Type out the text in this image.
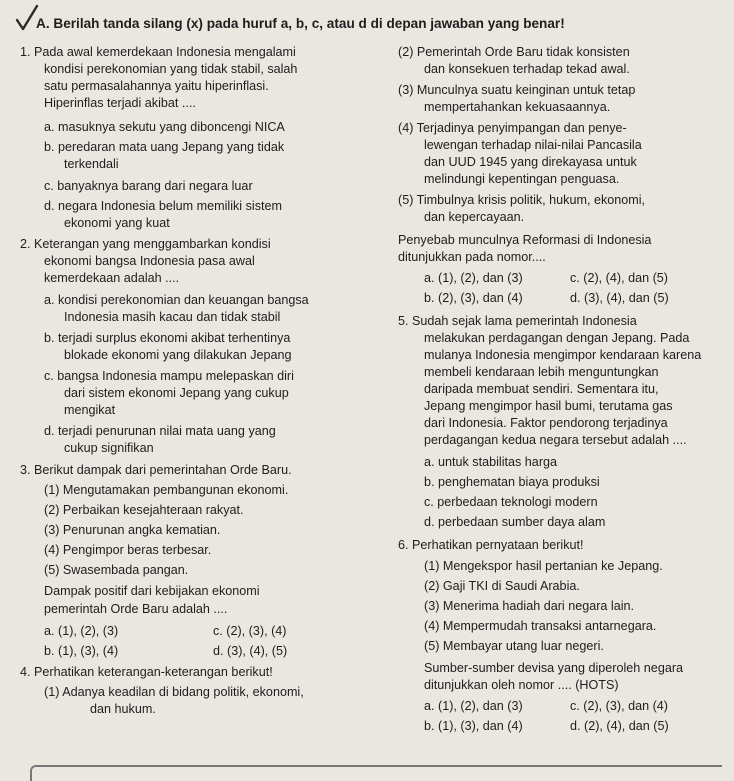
A. Berilah tanda silang (x) pada huruf a, b, c, atau d di depan jawaban yang benar!
1. Pada awal kemerdekaan Indonesia mengalami
kondisi perekonomian yang tidak stabil, salah
satu permasalahannya yaitu hiperinflasi.
Hiperinflas terjadi akibat ....
a. masuknya sekutu yang diboncengi NICA
b. peredaran mata uang Jepang yang tidak
terkendali
c. banyaknya barang dari negara luar
d. negara Indonesia belum memiliki sistem
ekonomi yang kuat
2. Keterangan yang menggambarkan kondisi
ekonomi bangsa Indonesia pasa awal
kemerdekaan adalah ....
a. kondisi perekonomian dan keuangan bangsa
Indonesia masih kacau dan tidak stabil
b. terjadi surplus ekonomi akibat terhentinya
blokade ekonomi yang dilakukan Jepang
c. bangsa Indonesia mampu melepaskan diri
dari sistem ekonomi Jepang yang cukup
mengikat
d. terjadi penurunan nilai mata uang yang
cukup signifikan
3. Berikut dampak dari pemerintahan Orde Baru.
(1) Mengutamakan pembangunan ekonomi.
(2) Perbaikan kesejahteraan rakyat.
(3) Penurunan angka kematian.
(4) Pengimpor beras terbesar.
(5) Swasembada pangan.
Dampak positif dari kebijakan ekonomi
pemerintah Orde Baru adalah ....
a. (1), (2), (3)	c. (2), (3), (4)
b. (1), (3), (4)	d. (3), (4), (5)
4. Perhatikan keterangan-keterangan berikut!
(1) Adanya keadilan di bidang politik, ekonomi,
dan hukum.
(2) Pemerintah Orde Baru tidak konsisten
dan konsekuen terhadap tekad awal.
(3) Munculnya suatu keinginan untuk tetap
mempertahankan kekuasaannya.
(4) Terjadinya penyimpangan dan penye-
lewengan terhadap nilai-nilai Pancasila
dan UUD 1945 yang direkayasa untuk
melindungi kepentingan penguasa.
(5) Timbulnya krisis politik, hukum, ekonomi,
dan kepercayaan.
Penyebab munculnya Reformasi di Indonesia
ditunjukkan pada nomor....
a. (1), (2), dan (3)	c. (2), (4), dan (5)
b. (2), (3), dan (4)	d. (3), (4), dan (5)
5. Sudah sejak lama pemerintah Indonesia
melakukan perdagangan dengan Jepang. Pada
mulanya Indonesia mengimpor kendaraan karena
membeli kendaraan lebih menguntungkan
daripada membuat sendiri. Sementara itu,
Jepang mengimpor hasil bumi, terutama gas
dari Indonesia. Faktor pendorong terjadinya
perdagangan kedua negara tersebut adalah ....
a. untuk stabilitas harga
b. penghematan biaya produksi
c. perbedaan teknologi modern
d. perbedaan sumber daya alam
6. Perhatikan pernyataan berikut!
(1) Mengekspor hasil pertanian ke Jepang.
(2) Gaji TKI di Saudi Arabia.
(3) Menerima hadiah dari negara lain.
(4) Mempermudah transaksi antarnegara.
(5) Membayar utang luar negeri.
Sumber-sumber devisa yang diperoleh negara
ditunjukkan oleh nomor .... (HOTS)
a. (1), (2), dan (3)	c. (2), (3), dan (4)
b. (1), (3), dan (4)	d. (2), (4), dan (5)
